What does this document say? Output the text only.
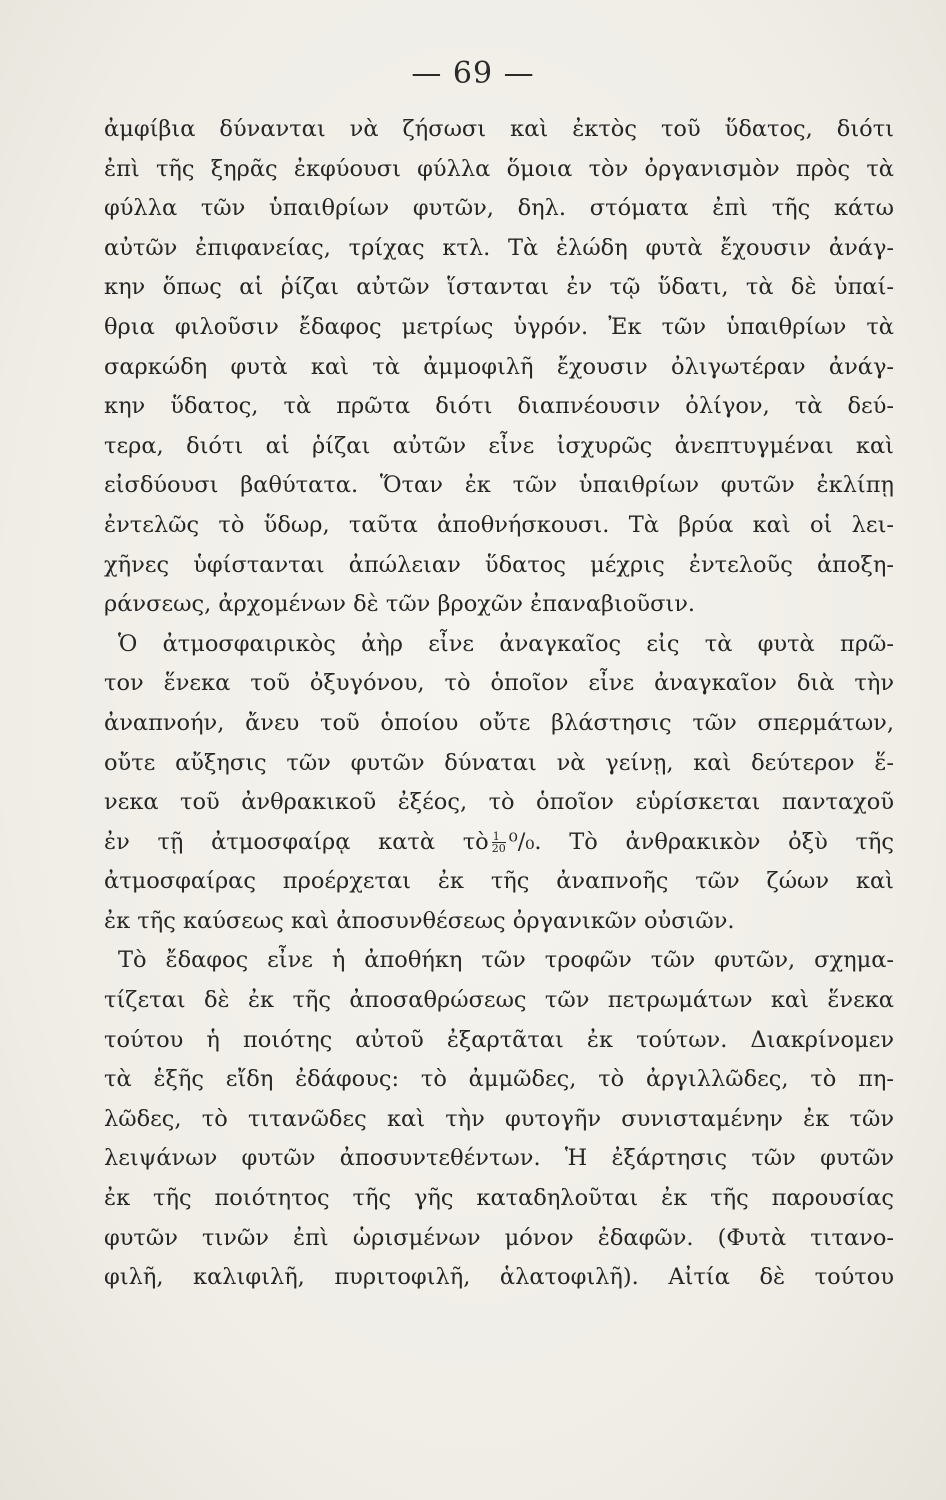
— 69 —
ἀμφίβια δύνανται νὰ ζήσωσι καὶ ἐκτὸς τοῦ ὕδατος, διότι
ἐπὶ τῆς ξηρᾶς ἐκφύουσι φύλλα ὅμοια τὸν ὀργανισμὸν πρὸς τὰ
φύλλα τῶν ὑπαιθρίων φυτῶν, δηλ. στόματα ἐπὶ τῆς κάτω
αὐτῶν ἐπιφανείας, τρίχας κτλ. Τὰ ἑλώδη φυτὰ ἔχουσιν ἀνάγ-
κην ὅπως αἱ ῥίζαι αὐτῶν ἵστανται ἐν τῷ ὕδατι, τὰ δὲ ὑπαί-
θρια φιλοῦσιν ἔδαφος μετρίως ὑγρόν. Ἐκ τῶν ὑπαιθρίων τὰ
σαρκώδη φυτὰ καὶ τὰ ἀμμοφιλῆ ἔχουσιν ὀλιγωτέραν ἀνάγ-
κην ὕδατος, τὰ πρῶτα διότι διαπνέουσιν ὀλίγον, τὰ δεύ-
τερα, διότι αἱ ῥίζαι αὐτῶν εἶνε ἰσχυρῶς ἀνεπτυγμέναι καὶ
εἰσδύουσι βαθύτατα. Ὅταν ἐκ τῶν ὑπαιθρίων φυτῶν ἐκλίπῃ
ἐντελῶς τὸ ὕδωρ, ταῦτα ἀποθνήσκουσι. Τὰ βρύα καὶ οἱ λει-
χῆνες ὑφίστανται ἀπώλειαν ὕδατος μέχρις ἐντελοῦς ἀποξη-
ράνσεως, ἀρχομένων δὲ τῶν βροχῶν ἐπαναβιοῦσιν.
Ὁ ἀτμοσφαιρικὸς ἀὴρ εἶνε ἀναγκαῖος εἰς τὰ φυτὰ πρῶ-
τον ἕνεκα τοῦ ὀξυγόνου, τὸ ὁποῖον εἶνε ἀναγκαῖον διὰ τὴν
ἀναπνοήν, ἄνευ τοῦ ὁποίου οὔτε βλάστησις τῶν σπερμάτων,
οὔτε αὔξησις τῶν φυτῶν δύναται νὰ γείνῃ, καὶ δεύτερον ἕ-
νεκα τοῦ ἀνθρακικοῦ ἐξέος, τὸ ὁποῖον εὑρίσκεται πανταχοῦ
ἐν τῇ ἀτμοσφαίρᾳ κατὰ τὸ $\frac{1}{20} ^0/_0$. Τὸ ἀνθρακικὸν ὀξὺ τῆς
ἀτμοσφαίρας προέρχεται ἐκ τῆς ἀναπνοῆς τῶν ζώων καὶ
ἐκ τῆς καύσεως καὶ ἀποσυνθέσεως ὀργανικῶν οὐσιῶν.
Τὸ ἔδαφος εἶνε ἡ ἀποθήκη τῶν τροφῶν τῶν φυτῶν, σχημα-
τίζεται δὲ ἐκ τῆς ἀποσαθρώσεως τῶν πετρωμάτων καὶ ἕνεκα
τούτου ἡ ποιότης αὐτοῦ ἐξαρτᾶται ἐκ τούτων. Διακρίνομεν
τὰ ἑξῆς εἴδη ἐδάφους: τὸ ἀμμῶδες, τὸ ἀργιλλῶδες, τὸ πη-
λῶδες, τὸ τιτανῶδες καὶ τὴν φυτογῆν συνισταμένην ἐκ τῶν
λειψάνων φυτῶν ἀποσυντεθέντων. Ἡ ἐξάρτησις τῶν φυτῶν
ἐκ τῆς ποιότητος τῆς γῆς καταδηλοῦται ἐκ τῆς παρουσίας
φυτῶν τινῶν ἐπὶ ὡρισμένων μόνον ἐδαφῶν. (Φυτὰ τιτανο-
φιλῆ, καλιφιλῆ, πυριτοφιλῆ, ἁλατοφιλῆ). Αἰτία δὲ τούτου
